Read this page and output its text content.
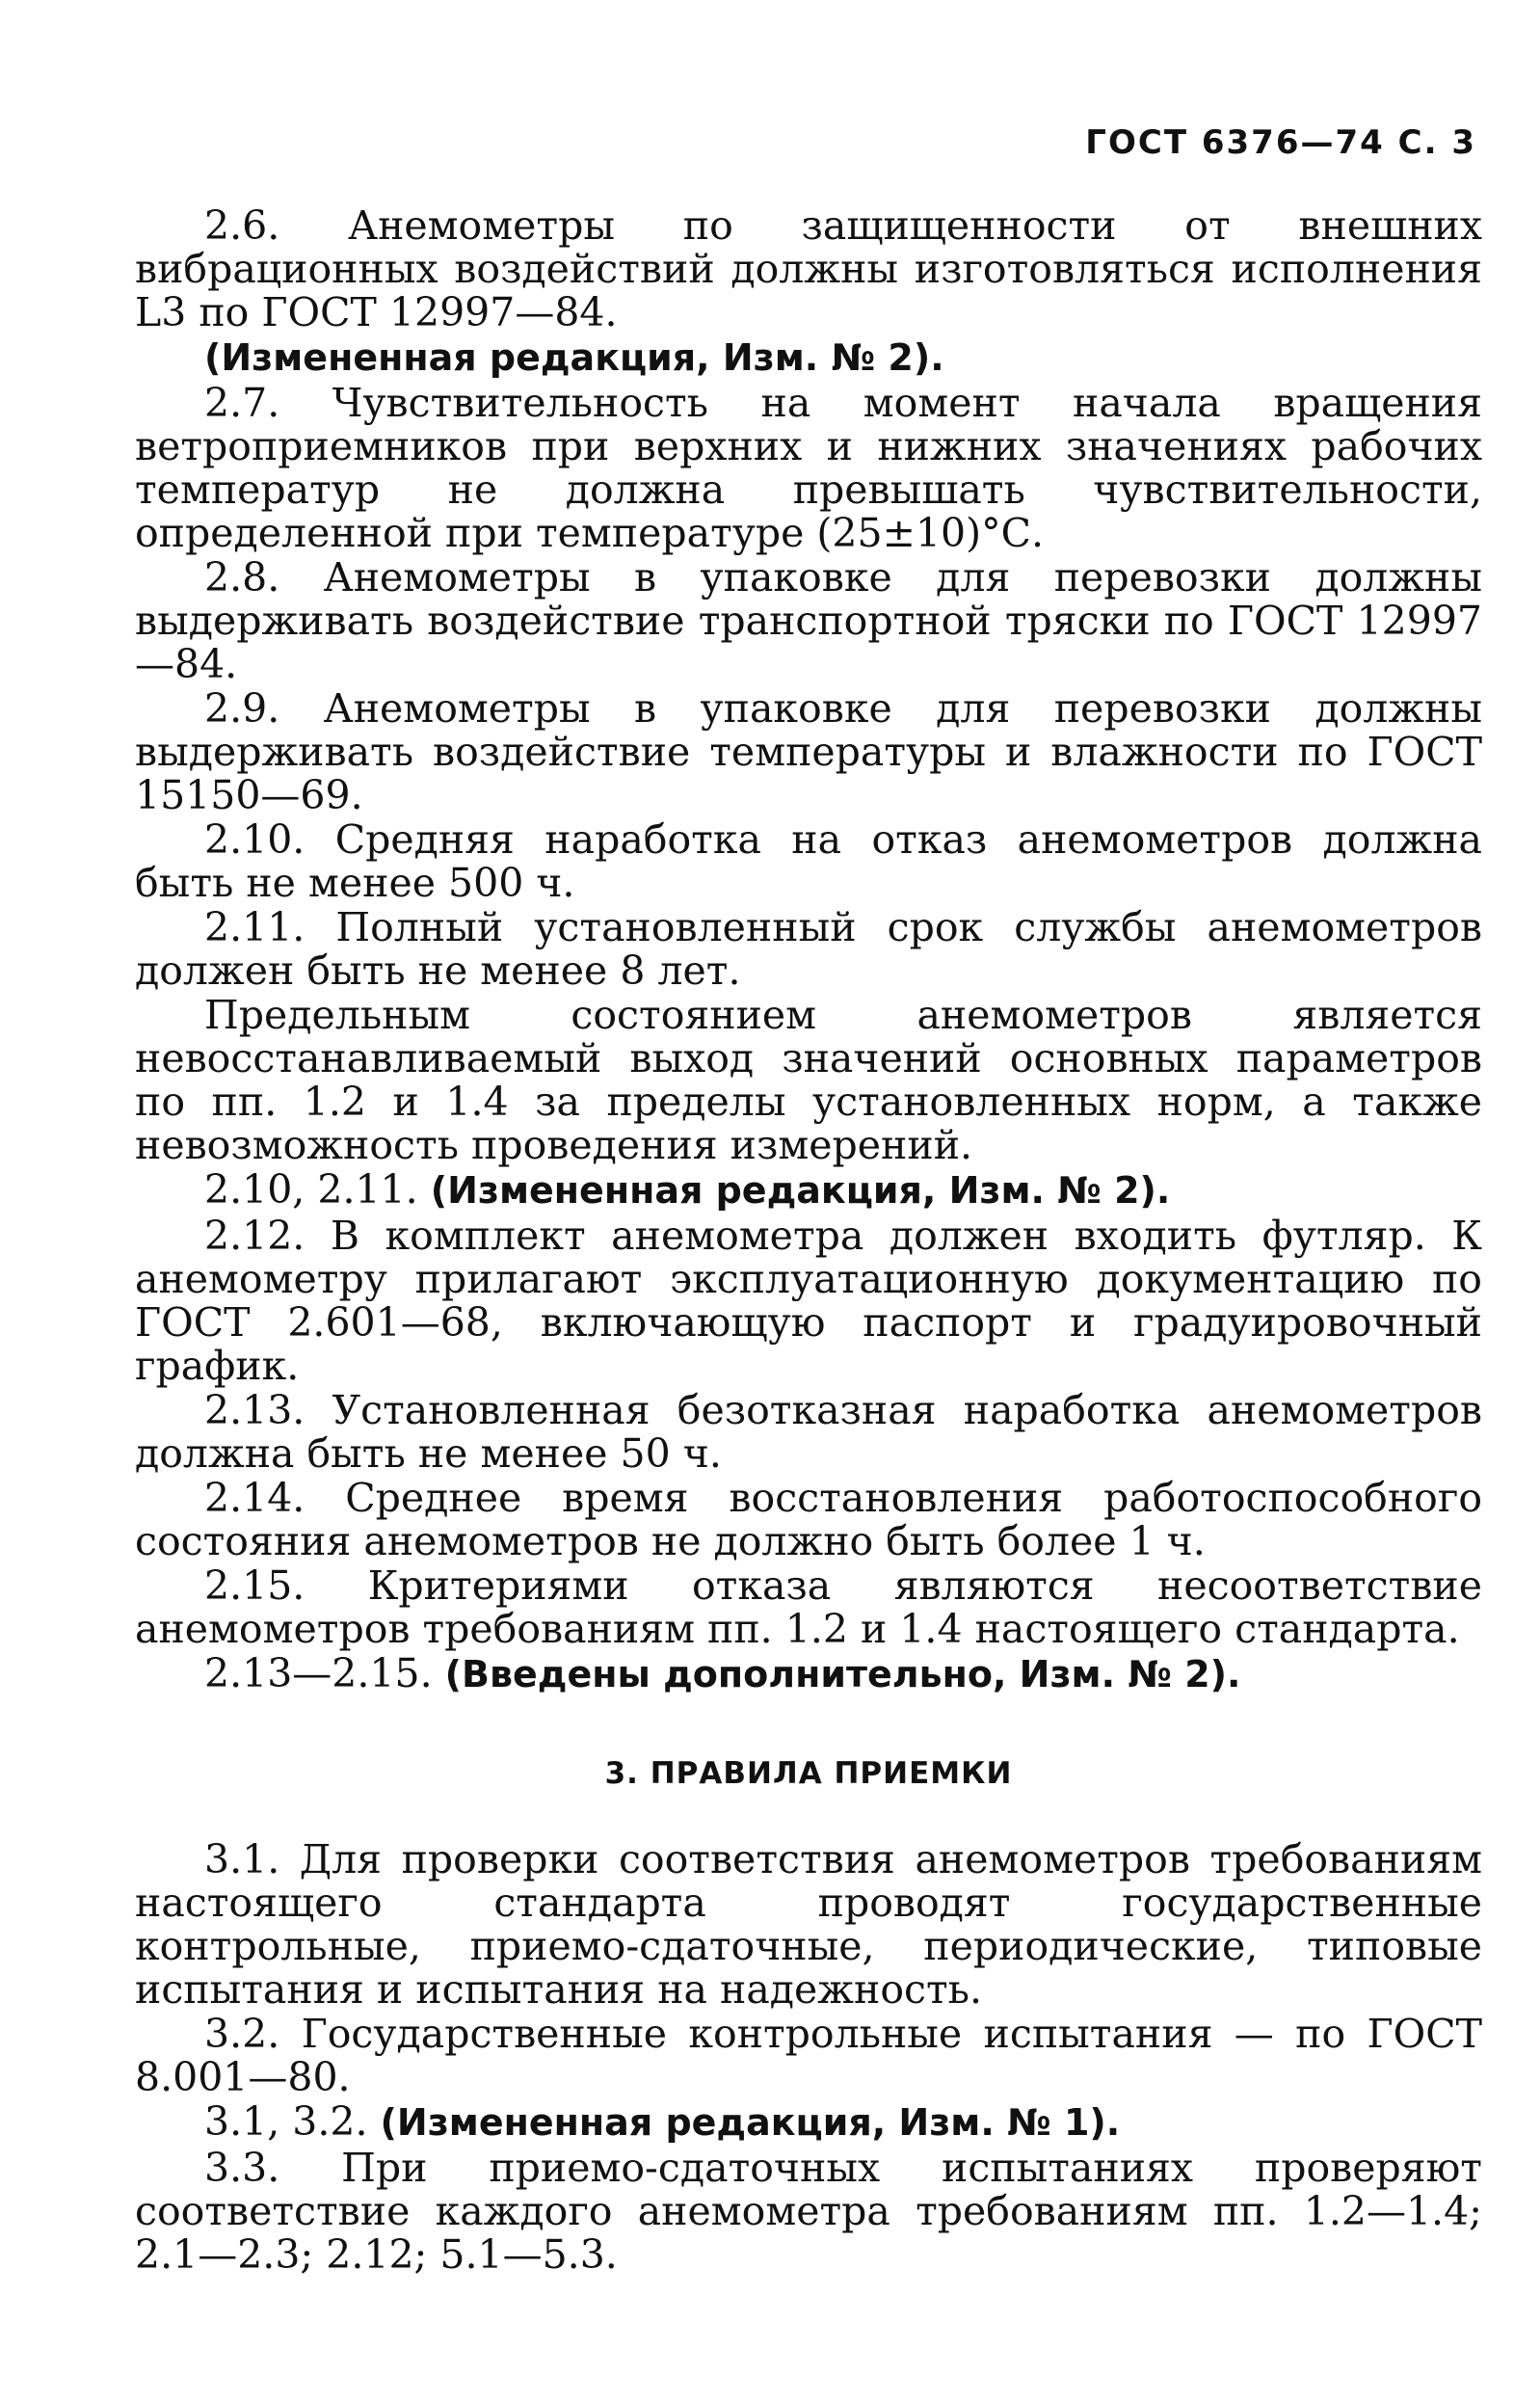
ГОСТ 6376—74 С. 3

2.6. Анемометры по защищенности от внешних вибрационных воздействий должны изготовляться исполнения L3 по ГОСТ 12997—84.

(Измененная редакция, Изм. № 2).

2.7. Чувствительность на момент начала вращения ветроприемников при верхних и нижних значениях рабочих температур не должна превышать чувствительности, определенной при температуре (25±10)°С.

2.8. Анемометры в упаковке для перевозки должны выдерживать воздействие транспортной тряски по ГОСТ 12997—84.

2.9. Анемометры в упаковке для перевозки должны выдерживать воздействие температуры и влажности по ГОСТ 15150—69.

2.10. Средняя наработка на отказ анемометров должна быть не менее 500 ч.

2.11. Полный установленный срок службы анемометров должен быть не менее 8 лет.

Предельным состоянием анемометров является невосстанавливаемый выход значений основных параметров по пп. 1.2 и 1.4 за пределы установленных норм, а также невозможность проведения измерений.

2.10, 2.11. (Измененная редакция, Изм. № 2).

2.12. В комплект анемометра должен входить футляр. К анемометру прилагают эксплуатационную документацию по ГОСТ 2.601—68, включающую паспорт и градуировочный график.

2.13. Установленная безотказная наработка анемометров должна быть не менее 50 ч.

2.14. Среднее время восстановления работоспособного состояния анемометров не должно быть более 1 ч.

2.15. Критериями отказа являются несоответствие анемометров требованиям пп. 1.2 и 1.4 настоящего стандарта.

2.13—2.15. (Введены дополнительно, Изм. № 2).

3. ПРАВИЛА ПРИЕМКИ

3.1. Для проверки соответствия анемометров требованиям настоящего стандарта проводят государственные контрольные, приемо-сдаточные, периодические, типовые испытания и испытания на надежность.

3.2. Государственные контрольные испытания — по ГОСТ 8.001—80.

3.1, 3.2. (Измененная редакция, Изм. № 1).

3.3. При приемо-сдаточных испытаниях проверяют соответствие каждого анемометра требованиям пп. 1.2—1.4; 2.1—2.3; 2.12; 5.1—5.3.
